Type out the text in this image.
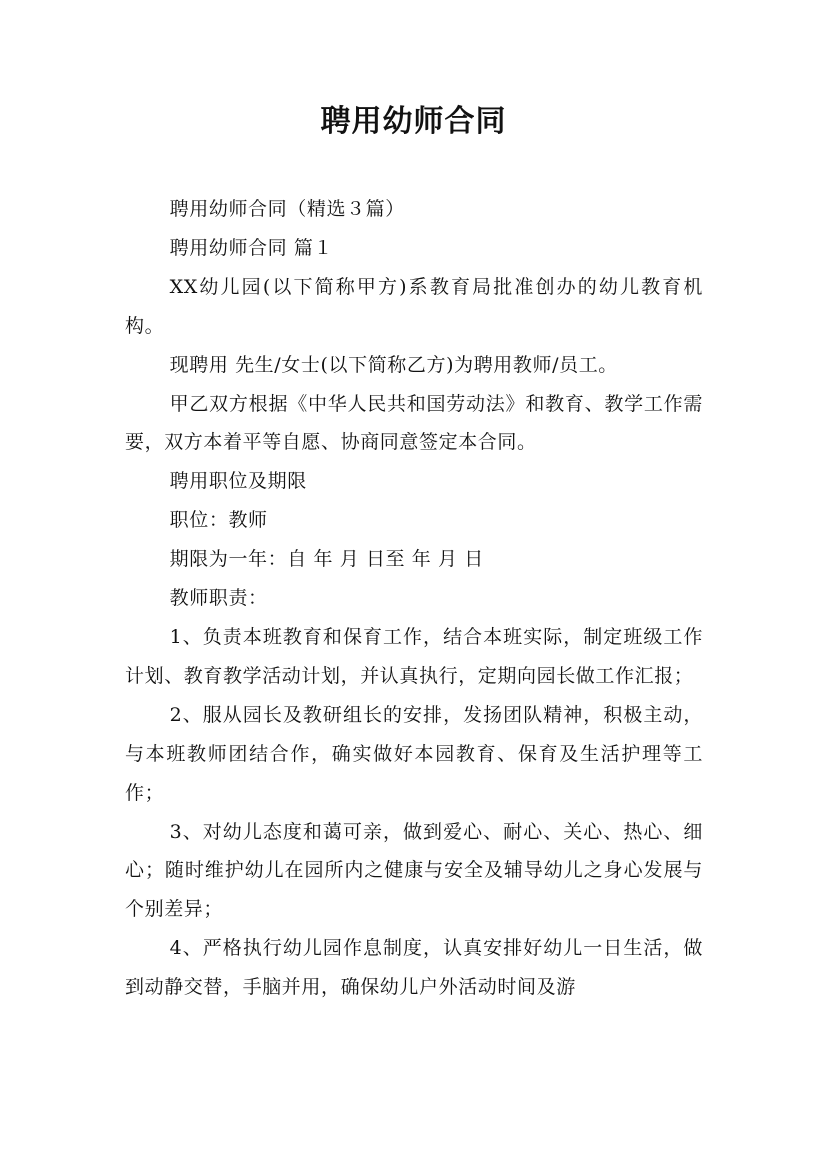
聘用幼师合同

聘用幼师合同（精选３篇）

聘用幼师合同 篇１

XX幼儿园(以下简称甲方)系教育局批准创办的幼儿教育机构。

现聘用 先生/女士(以下简称乙方)为聘用教师/员工。

甲乙双方根据《中华人民共和国劳动法》和教育、教学工作需要，双方本着平等自愿、协商同意签定本合同。

聘用职位及期限

职位：教师

期限为一年：自 年 月 日至 年 月 日

教师职责：

1、负责本班教育和保育工作，结合本班实际，制定班级工作计划、教育教学活动计划，并认真执行，定期向园长做工作汇报；

2、服从园长及教研组长的安排，发扬团队精神，积极主动，与本班教师团结合作，确实做好本园教育、保育及生活护理等工作；

3、对幼儿态度和蔼可亲，做到爱心、耐心、关心、热心、细心；随时维护幼儿在园所内之健康与安全及辅导幼儿之身心发展与个别差异；

4、严格执行幼儿园作息制度，认真安排好幼儿一日生活，做到动静交替，手脑并用，确保幼儿户外活动时间及游
